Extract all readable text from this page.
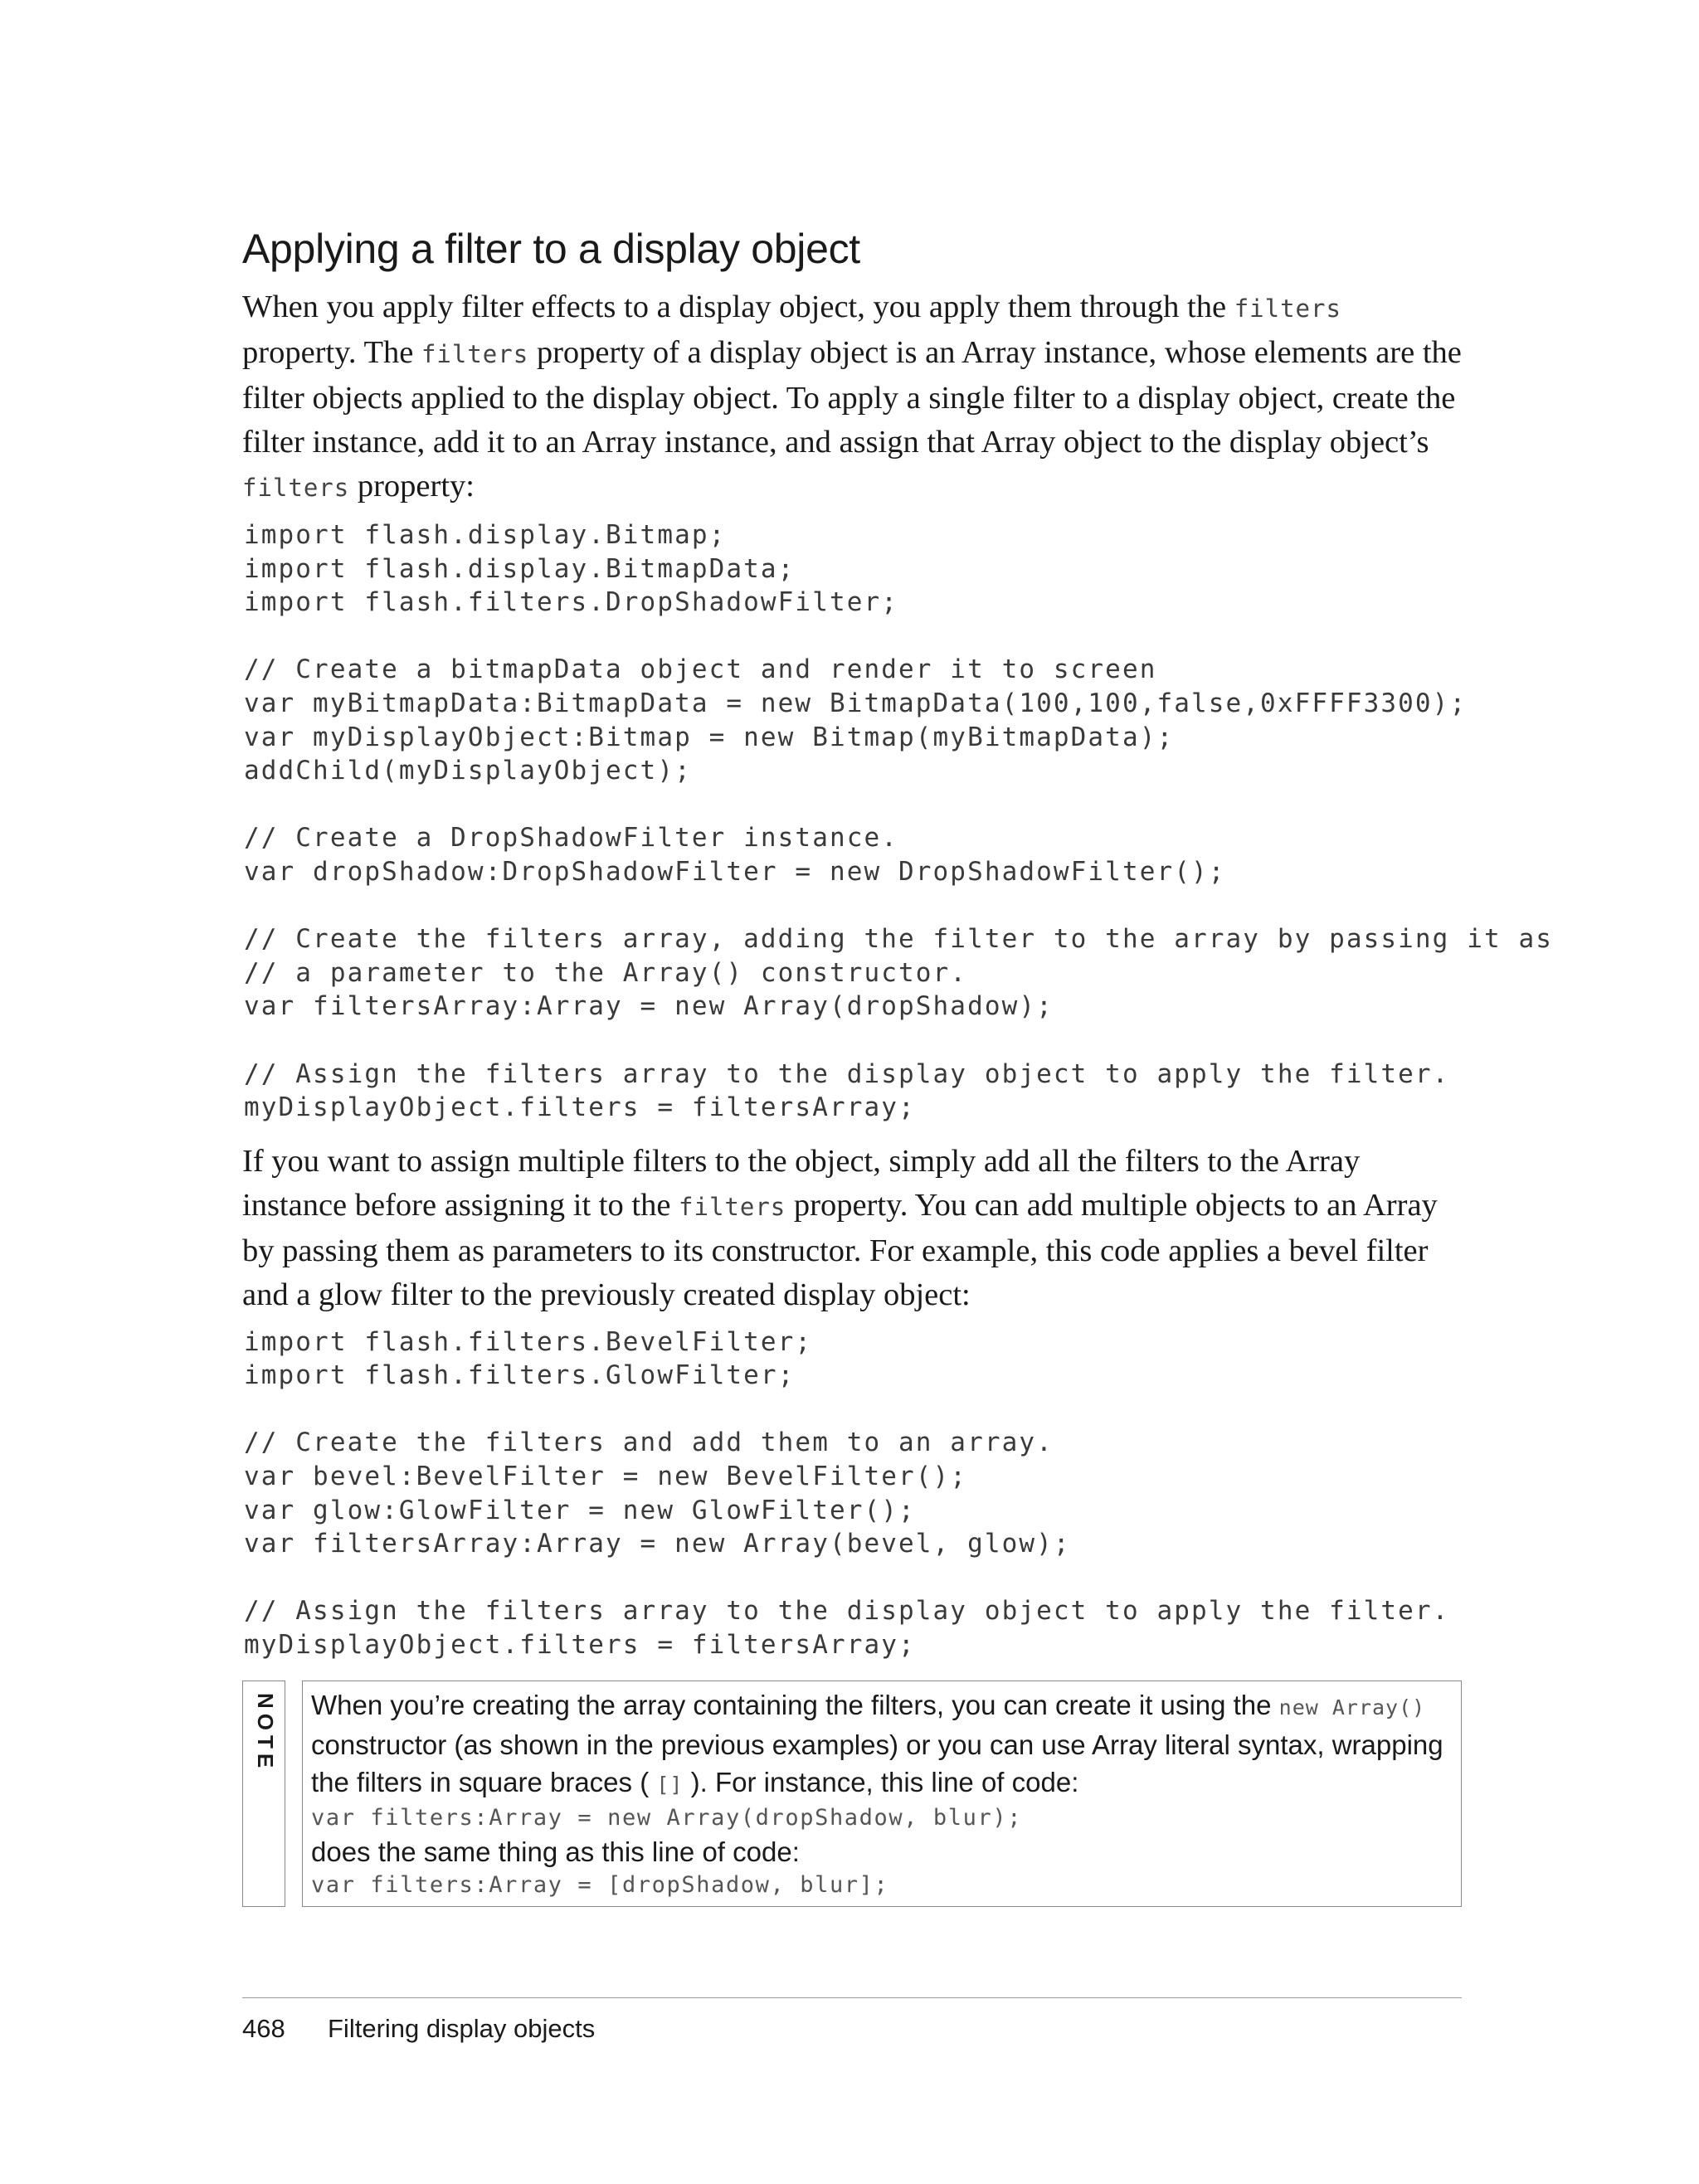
Applying a filter to a display object

When you apply filter effects to a display object, you apply them through the filters property. The filters property of a display object is an Array instance, whose elements are the filter objects applied to the display object. To apply a single filter to a display object, create the filter instance, add it to an Array instance, and assign that Array object to the display object’s filters property:

import flash.display.Bitmap;
import flash.display.BitmapData;
import flash.filters.DropShadowFilter;
// Create a bitmapData object and render it to screen
var myBitmapData:BitmapData = new BitmapData(100,100,false,0xFFFF3300);
var myDisplayObject:Bitmap = new Bitmap(myBitmapData);
addChild(myDisplayObject);
// Create a DropShadowFilter instance.
var dropShadow:DropShadowFilter = new DropShadowFilter();
// Create the filters array, adding the filter to the array by passing it as
// a parameter to the Array() constructor.
var filtersArray:Array = new Array(dropShadow);
// Assign the filters array to the display object to apply the filter.
myDisplayObject.filters = filtersArray;

If you want to assign multiple filters to the object, simply add all the filters to the Array instance before assigning it to the filters property. You can add multiple objects to an Array by passing them as parameters to its constructor. For example, this code applies a bevel filter and a glow filter to the previously created display object:

import flash.filters.BevelFilter;
import flash.filters.GlowFilter;
// Create the filters and add them to an array.
var bevel:BevelFilter = new BevelFilter();
var glow:GlowFilter = new GlowFilter();
var filtersArray:Array = new Array(bevel, glow);
// Assign the filters array to the display object to apply the filter.
myDisplayObject.filters = filtersArray;
NOTE When you’re creating the array containing the filters, you can create it using the new Array() constructor (as shown in the previous examples) or you can use Array literal syntax, wrapping the filters in square braces ( [] ). For instance, this line of code:

var filters:Array = new Array(dropShadow, blur);

does the same thing as this line of code:

var filters:Array = [dropShadow, blur];

468 Filtering display objects
